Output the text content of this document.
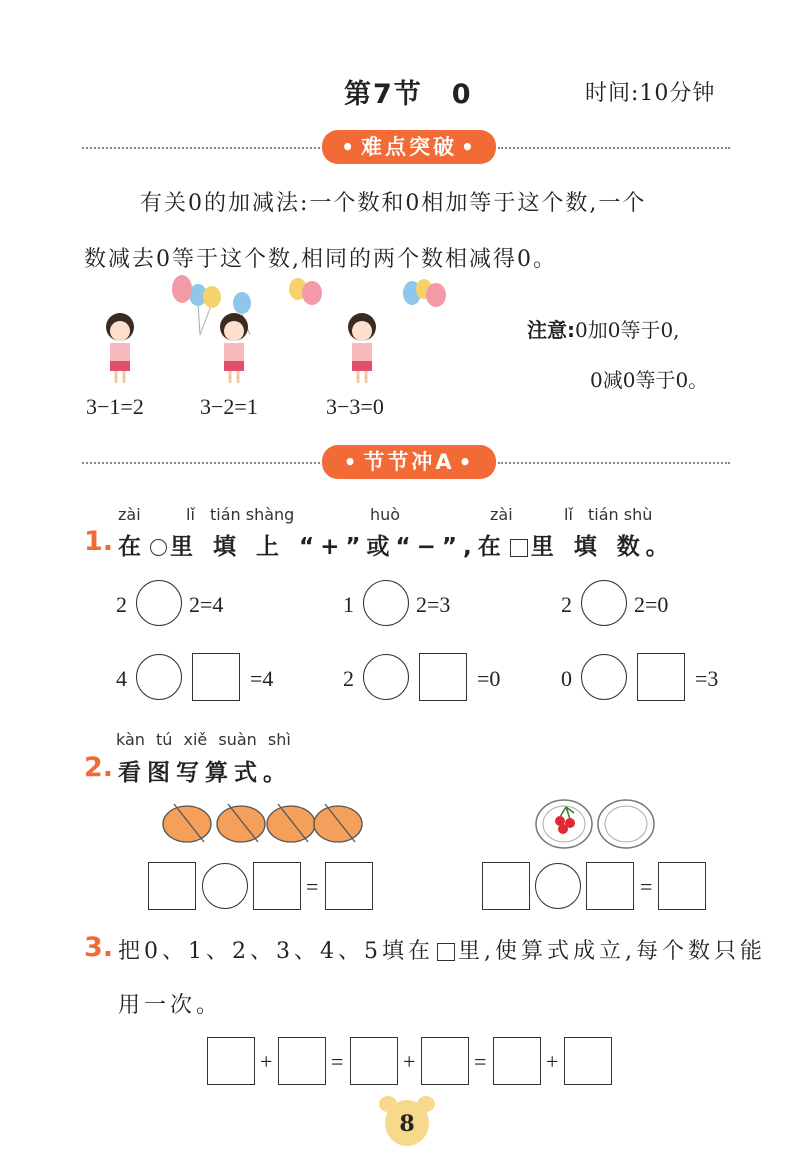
第7节　0	时间:10分钟
• 难点突破 •
有关0的加减法:一个数和0相加等于这个数,一个
数减去0等于这个数,相同的两个数相减得0。
3−1=2	3−2=1	3−3=0
注意:0加0等于0,
0减0等于0。
• 节节冲A •
zài	lǐ tián shàng	huò	zài	lǐ tián shù
1. 在 里 填 上 “+”或“−”,在 里 填 数。
2	2=4	1	2=3	2	2=0
4	=4	2	=0	0	=3
kàn tú xiě suàn shì
2. 看图写算式。
=	=
3. 把0、1、2、3、4、5填在 里,使算式成立,每个数只能
用一次。
+	=	+	=	+
8
